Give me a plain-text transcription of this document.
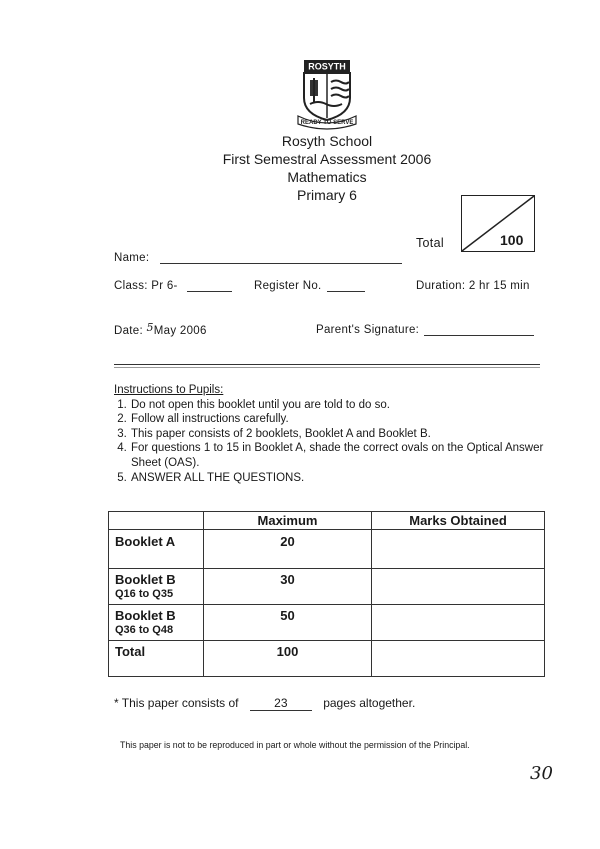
ROSYTH
READY TO SERVE
Rosyth School
First Semestral Assessment 2006
Mathematics
Primary 6
Total	100
Name:
Class: Pr 6-	Register No.	Duration: 2 hr 15 min
Date: 5May 2006	Parent's Signature:
Instructions to Pupils:
1. Do not open this booklet until you are told to do so.
2. Follow all instructions carefully.
3. This paper consists of 2 booklets, Booklet A and Booklet B.
4. For questions 1 to 15 in Booklet A, shade the correct ovals on the Optical Answer Sheet (OAS).
5. ANSWER ALL THE QUESTIONS.
	Maximum	Marks Obtained
Booklet A	20	
Booklet B
Q16 to Q35	30	
Booklet B
Q36 to Q48	50	
Total	100	
* This paper consists of	23	pages altogether.
This paper is not to be reproduced in part or whole without the permission of the Principal.
30
